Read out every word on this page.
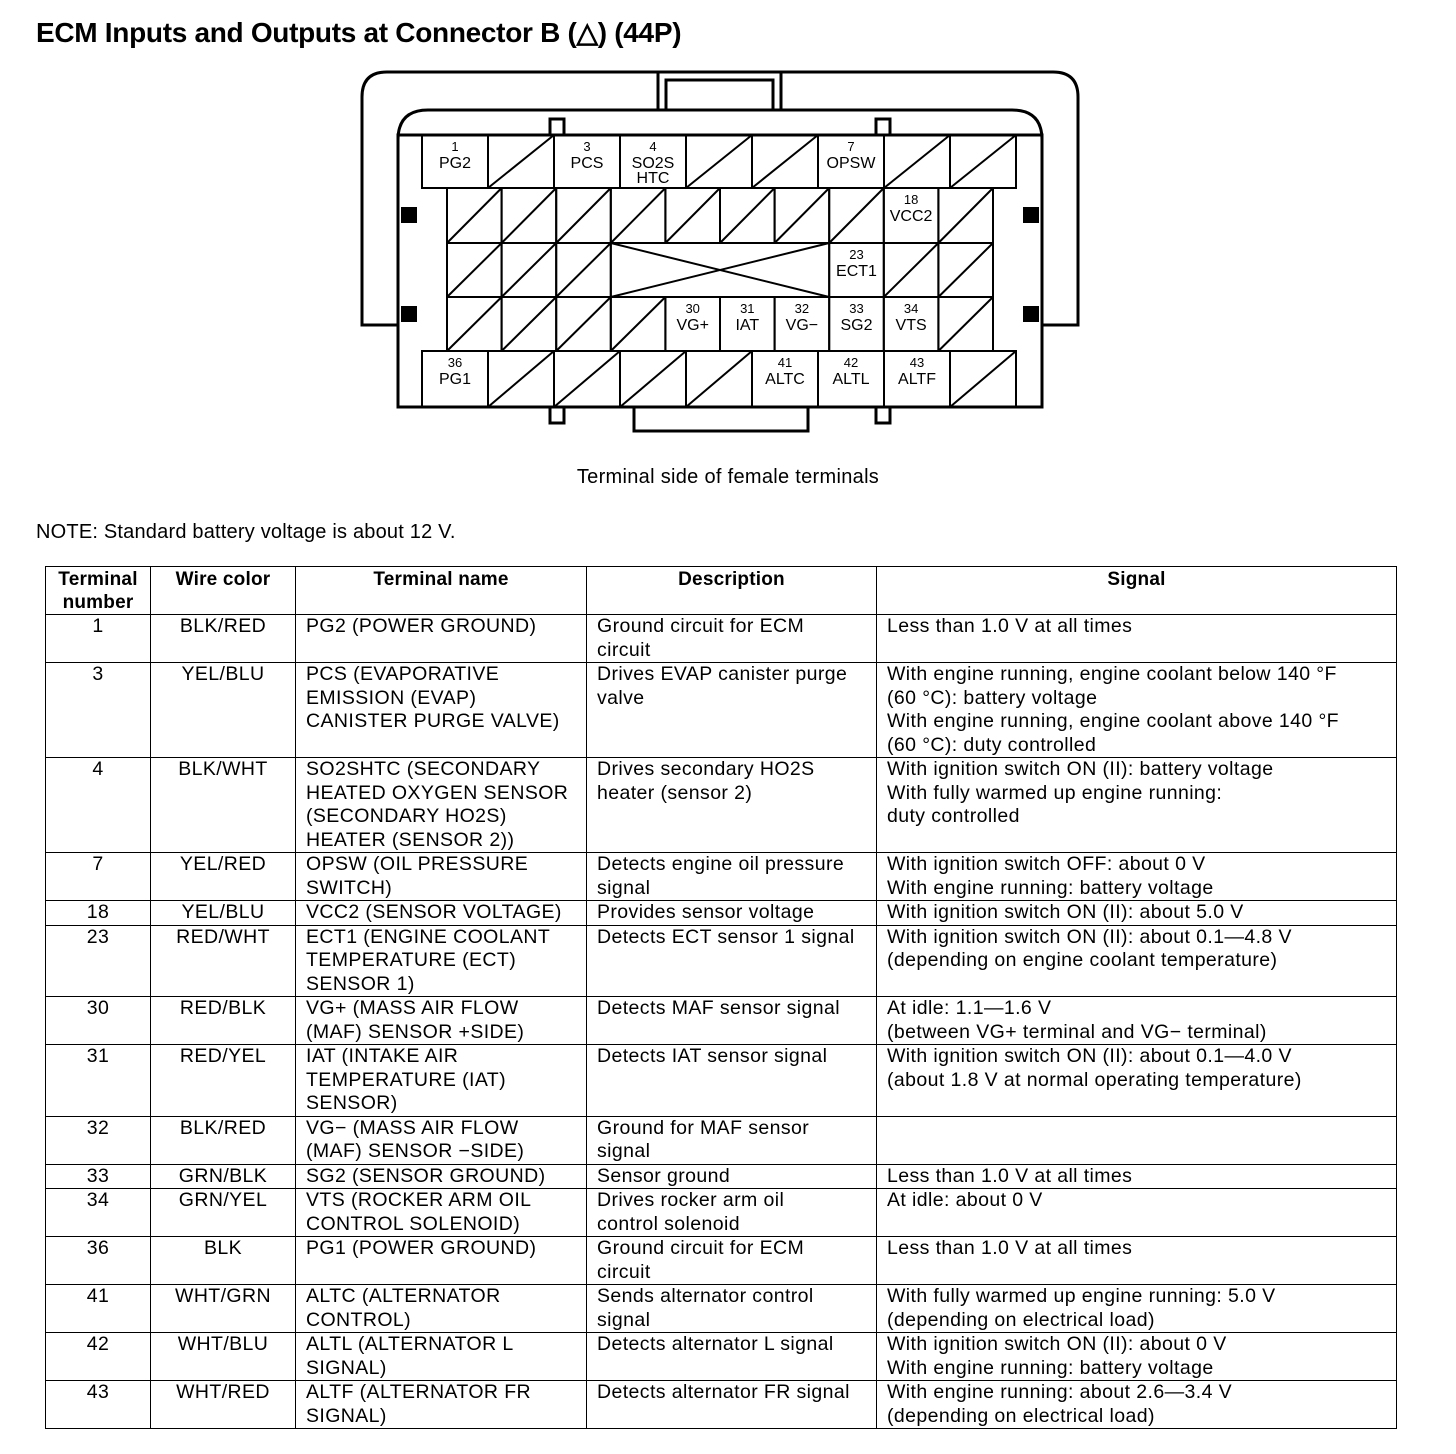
ECM Inputs and Outputs at Connector B (△) (44P)
1
PG2
3
PCS
4
SO2S
HTC
7
OPSW
18
VCC2
23
ECT1
30
VG+
31
IAT
32
VG−
33
SG2
34
VTS
36
PG1
41
ALTC
42
ALTL
43
ALTF
Terminal side of female terminals
NOTE: Standard battery voltage is about 12 V.
Terminal
number	Wire color	Terminal name	Description	Signal
1	BLK/RED	PG2 (POWER GROUND)	Ground circuit for ECM
circuit	Less than 1.0 V at all times
3	YEL/BLU	PCS (EVAPORATIVE
EMISSION (EVAP)
CANISTER PURGE VALVE)	Drives EVAP canister purge
valve	With engine running, engine coolant below 140 °F
(60 °C): battery voltage
With engine running, engine coolant above 140 °F
(60 °C): duty controlled
4	BLK/WHT	SO2SHTC (SECONDARY
HEATED OXYGEN SENSOR
(SECONDARY HO2S)
HEATER (SENSOR 2))	Drives secondary HO2S
heater (sensor 2)	With ignition switch ON (II): battery voltage
With fully warmed up engine running:
duty controlled
7	YEL/RED	OPSW (OIL PRESSURE
SWITCH)	Detects engine oil pressure
signal	With ignition switch OFF: about 0 V
With engine running: battery voltage
18	YEL/BLU	VCC2 (SENSOR VOLTAGE)	Provides sensor voltage	With ignition switch ON (II): about 5.0 V
23	RED/WHT	ECT1 (ENGINE COOLANT
TEMPERATURE (ECT)
SENSOR 1)	Detects ECT sensor 1 signal	With ignition switch ON (II): about 0.1—4.8 V
(depending on engine coolant temperature)
30	RED/BLK	VG+ (MASS AIR FLOW
(MAF) SENSOR +SIDE)	Detects MAF sensor signal	At idle: 1.1—1.6 V
(between VG+ terminal and VG− terminal)
31	RED/YEL	IAT (INTAKE AIR
TEMPERATURE (IAT)
SENSOR)	Detects IAT sensor signal	With ignition switch ON (II): about 0.1—4.0 V
(about 1.8 V at normal operating temperature)
32	BLK/RED	VG− (MASS AIR FLOW
(MAF) SENSOR −SIDE)	Ground for MAF sensor
signal	
33	GRN/BLK	SG2 (SENSOR GROUND)	Sensor ground	Less than 1.0 V at all times
34	GRN/YEL	VTS (ROCKER ARM OIL
CONTROL SOLENOID)	Drives rocker arm oil
control solenoid	At idle: about 0 V
36	BLK	PG1 (POWER GROUND)	Ground circuit for ECM
circuit	Less than 1.0 V at all times
41	WHT/GRN	ALTC (ALTERNATOR
CONTROL)	Sends alternator control
signal	With fully warmed up engine running: 5.0 V
(depending on electrical load)
42	WHT/BLU	ALTL (ALTERNATOR L
SIGNAL)	Detects alternator L signal	With ignition switch ON (II): about 0 V
With engine running: battery voltage
43	WHT/RED	ALTF (ALTERNATOR FR
SIGNAL)	Detects alternator FR signal	With engine running: about 2.6—3.4 V
(depending on electrical load)
